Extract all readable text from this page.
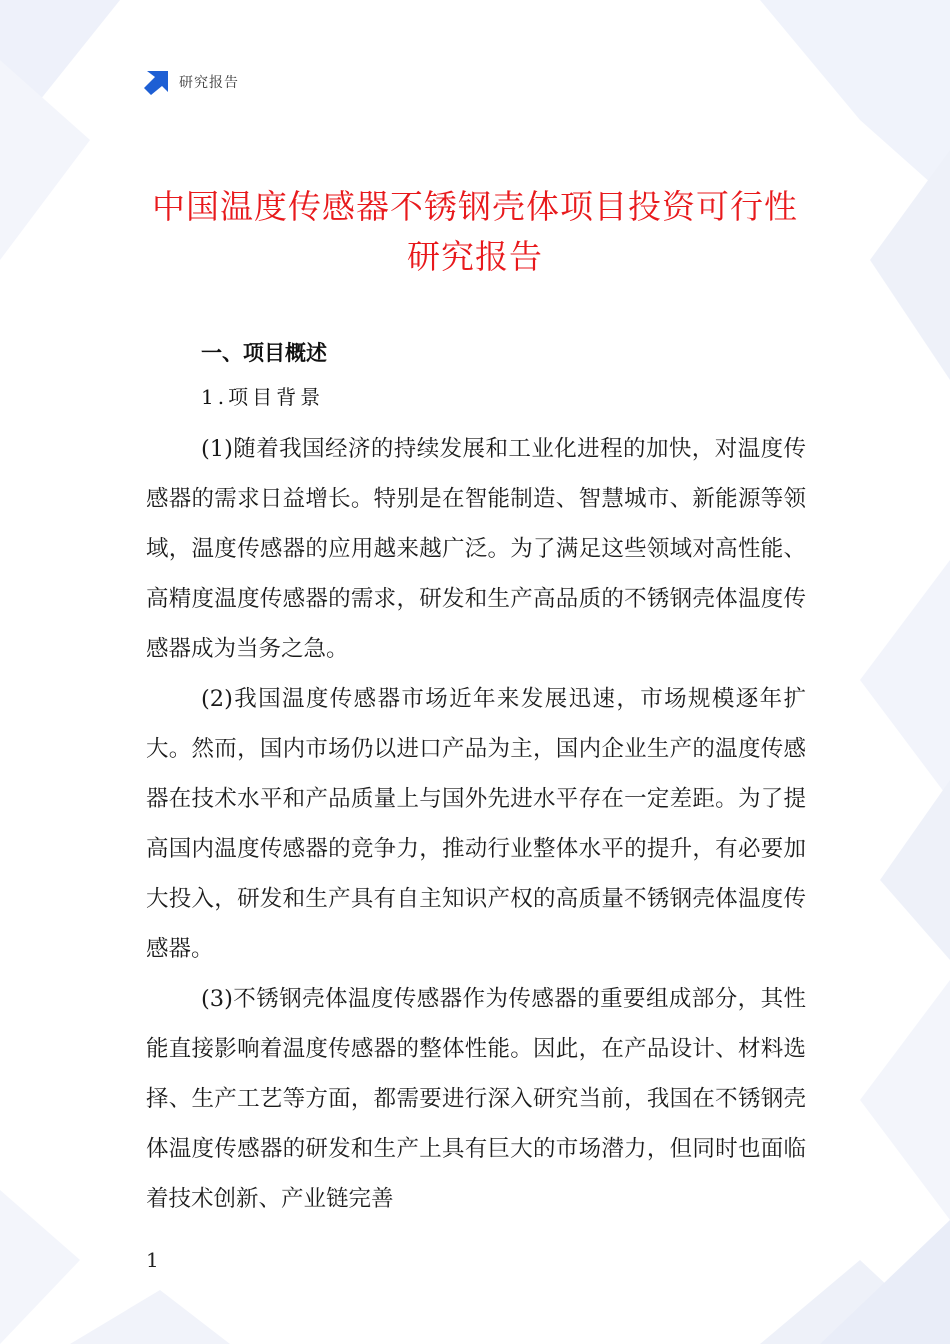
研究报告
中国温度传感器不锈钢壳体项目投资可行性研究报告
一、项目概述
1.项目背景

(1)随着我国经济的持续发展和工业化进程的加快，对温度传感器的需求日益增长。特别是在智能制造、智慧城市、新能源等领域，温度传感器的应用越来越广泛。为了满足这些领域对高性能、高精度温度传感器的需求，研发和生产高品质的不锈钢壳体温度传感器成为当务之急。

(2)我国温度传感器市场近年来发展迅速，市场规模逐年扩大。然而，国内市场仍以进口产品为主，国内企业生产的温度传感器在技术水平和产品质量上与国外先进水平存在一定差距。为了提高国内温度传感器的竞争力，推动行业整体水平的提升，有必要加大投入，研发和生产具有自主知识产权的高质量不锈钢壳体温度传感器。

(3)不锈钢壳体温度传感器作为传感器的重要组成部分，其性能直接影响着温度传感器的整体性能。因此，在产品设计、材料选择、生产工艺等方面，都需要进行深入研究当前，我国在不锈钢壳体温度传感器的研发和生产上具有巨大的市场潜力，但同时也面临着技术创新、产业链完善

1
